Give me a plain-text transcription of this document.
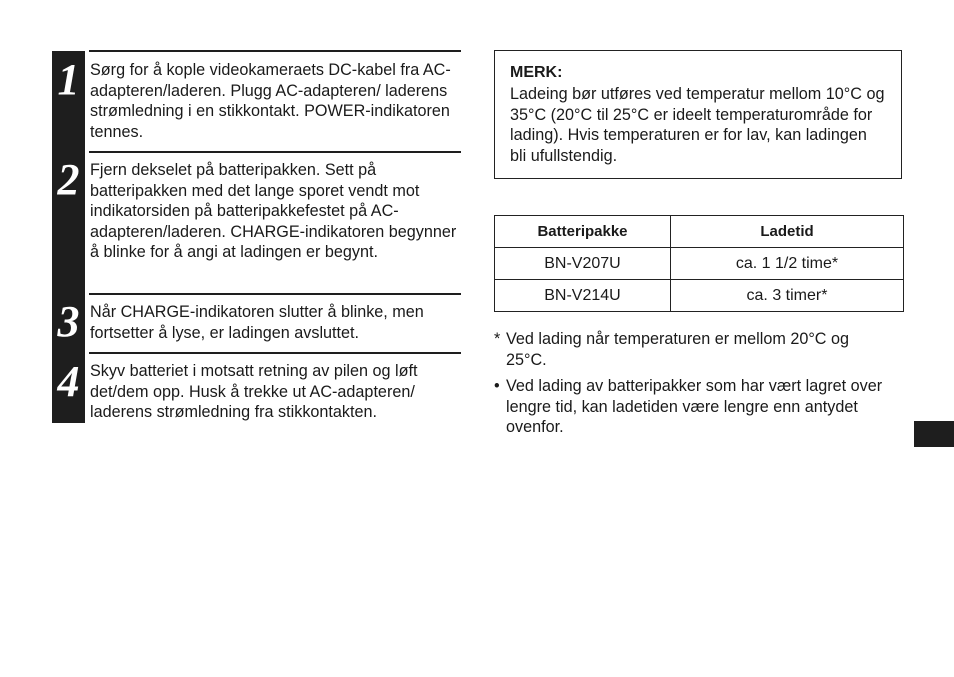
1 Sørg for å kople videokameraets DC-kabel fra AC-adapteren/laderen. Plugg AC-adapteren/ laderens strømledning i en stikkontakt. POWER-indikatoren tennes.

2 Fjern dekselet på batteripakken. Sett på batteripakken med det lange sporet vendt mot indikatorsiden på batteripakkefestet på AC-adapteren/laderen. CHARGE-indikatoren begynner å blinke for å angi at ladingen er begynt.

3 Når CHARGE-indikatoren slutter å blinke, men fortsetter å lyse, er ladingen avsluttet.

4 Skyv batteriet i motsatt retning av pilen og løft det/dem opp. Husk å trekke ut AC-adapteren/ laderens strømledning fra stikkontakten.

MERK:

Ladeing bør utføres ved temperatur mellom 10°C og 35°C (20°C til 25°C er ideelt temperaturområde for lading). Hvis temperaturen er for lav, kan ladingen bli ufullstendig.

Batteripakke	Ladetid
BN-V207U	ca. 1 1/2 time*
BN-V214U	ca. 3 timer*

* Ved lading når temperaturen er mellom 20°C og 25°C.

• Ved lading av batteripakker som har vært lagret over lengre tid, kan ladetiden være lengre enn antydet ovenfor.
